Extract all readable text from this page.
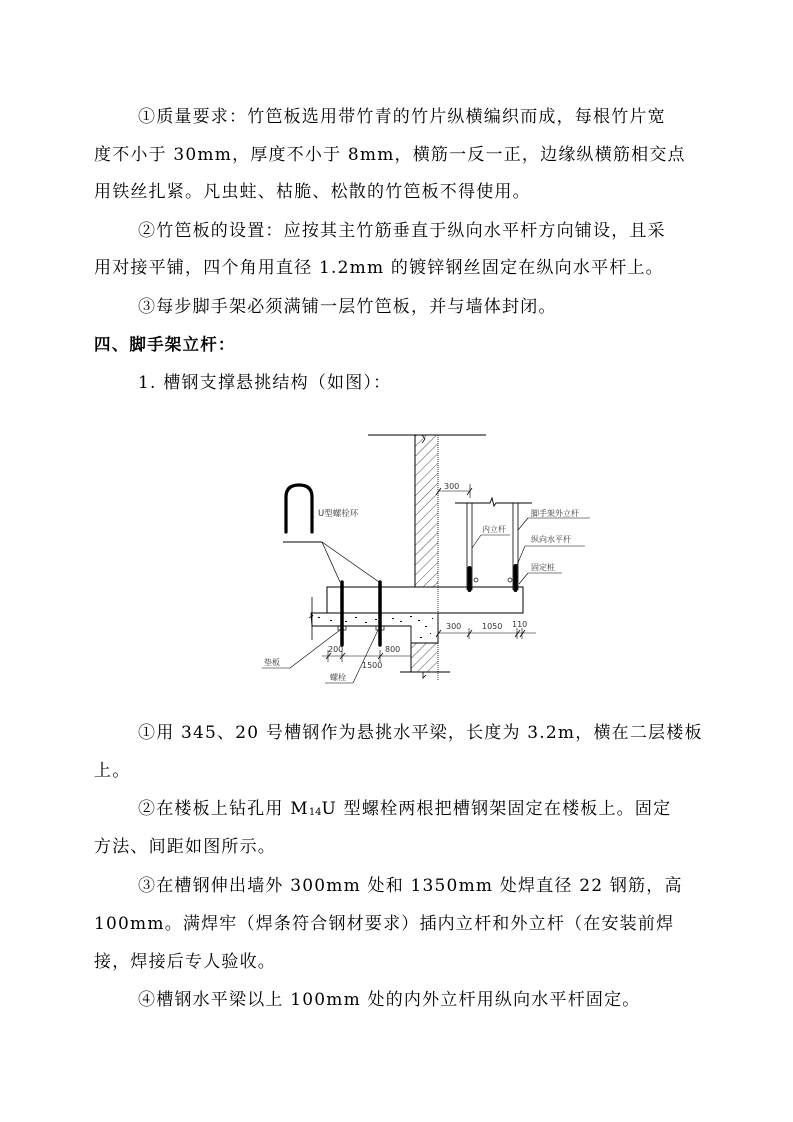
①质量要求：竹笆板选用带竹青的竹片纵横编织而成，每根竹片宽
度不小于 30mm，厚度不小于 8mm，横筋一反一正，边缘纵横筋相交点
用铁丝扎紧。凡虫蛀、枯脆、松散的竹笆板不得使用。
②竹笆板的设置：应按其主竹筋垂直于纵向水平杆方向铺设，且采
用对接平铺，四个角用直径 1.2mm 的镀锌钢丝固定在纵向水平杆上。
③每步脚手架必须满铺一层竹笆板，并与墙体封闭。
四、脚手架立杆：
1. 槽钢支撑悬挑结构（如图）：
U型螺栓环
300
脚手架外立杆
内立杆
纵向水平杆
固定桩
300	1050 110
200	800
1500
垫板
螺栓
①用 345、20 号槽钢作为悬挑水平梁，长度为 3.2m，横在二层楼板
上。
②在楼板上钻孔用 $M_{14}U$ 型螺栓两根把槽钢架固定在楼板上。固定
方法、间距如图所示。
③在槽钢伸出墙外 300mm 处和 1350mm 处焊直径 22 钢筋，高
100mm。满焊牢（焊条符合钢材要求）插内立杆和外立杆（在安装前焊
接，焊接后专人验收。
④槽钢水平梁以上 100mm 处的内外立杆用纵向水平杆固定。
